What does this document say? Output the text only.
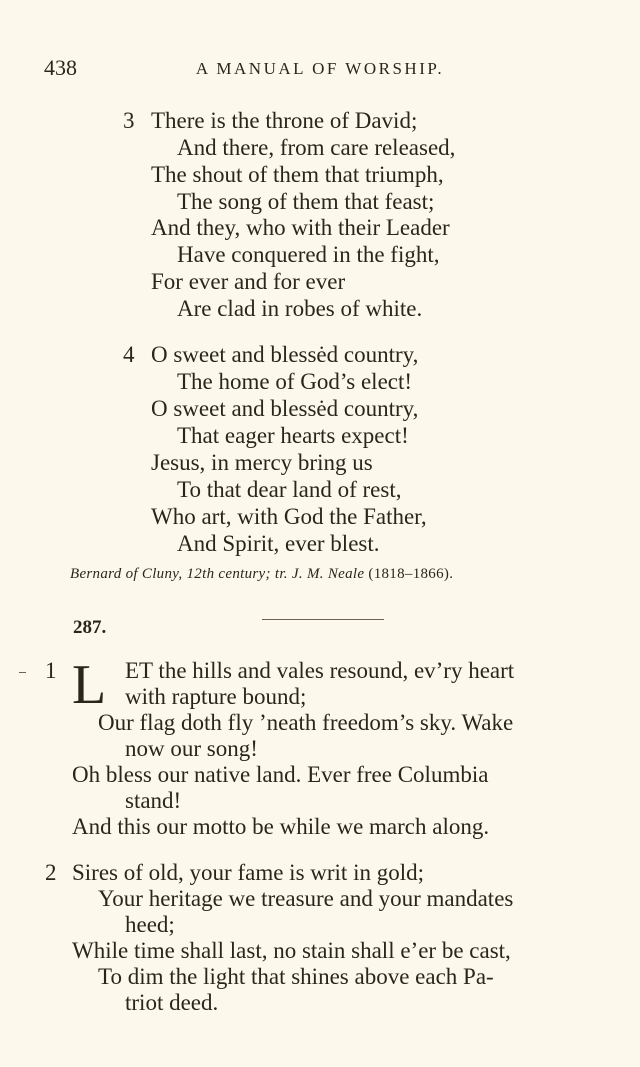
438	A MANUAL OF WORSHIP.
3 There is the throne of David;
And there, from care released,
The shout of them that triumph,
The song of them that feast;
And they, who with their Leader
Have conquered in the fight,
For ever and for ever
Are clad in robes of white.
4 O sweet and blessėd country,
The home of God’s elect!
O sweet and blessėd country,
That eager hearts expect!
Jesus, in mercy bring us
To that dear land of rest,
Who art, with God the Father,
And Spirit, ever blest.
Bernard of Cluny, 12th century; tr. J. M. Neale (1818–1866).
287.
1 L ET the hills and vales resound, ev’ry heart
with rapture bound;
Our flag doth fly ’neath freedom’s sky. Wake
now our song!
Oh bless our native land. Ever free Columbia
stand!
And this our motto be while we march along.
2 Sires of old, your fame is writ in gold;
Your heritage we treasure and your mandates
heed;
While time shall last, no stain shall e’er be cast,
To dim the light that shines above each Pa-
triot deed.
